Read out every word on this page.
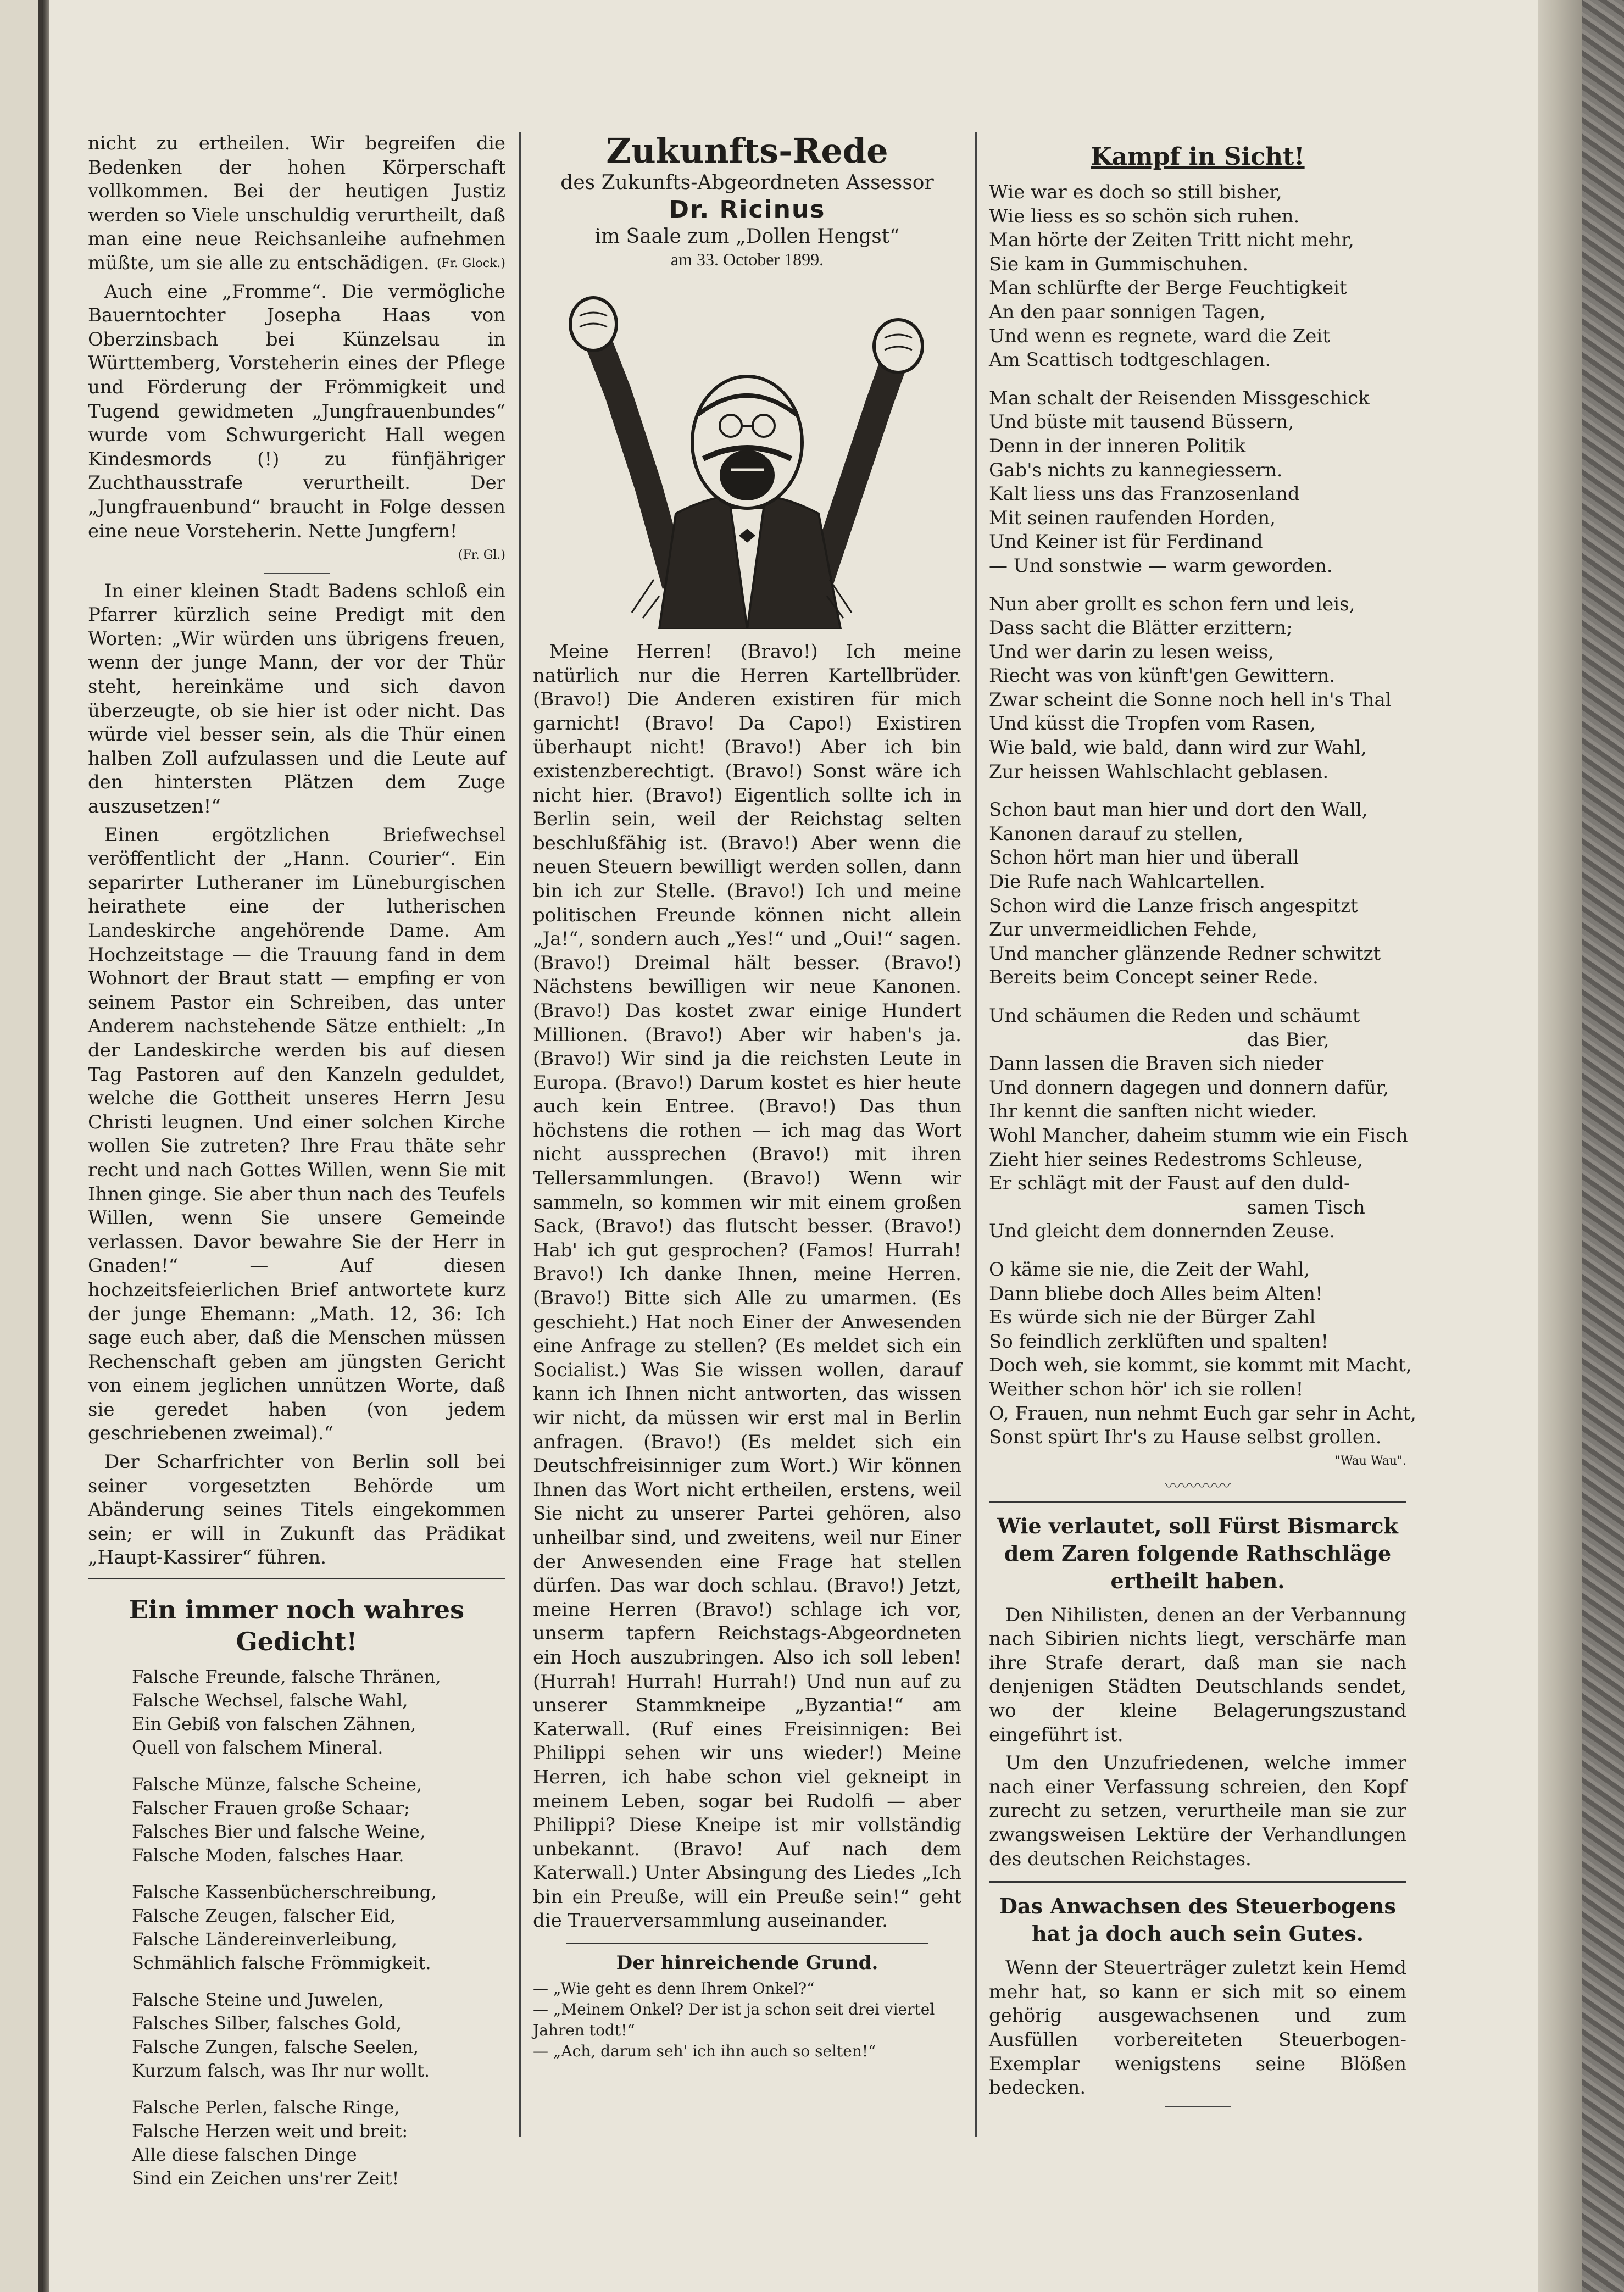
nicht zu ertheilen. Wir begreifen die Bedenken der hohen Körperschaft vollkommen. Bei der heutigen Justiz werden so Viele unschuldig verurtheilt, daß man eine neue Reichsanleihe aufnehmen müßte, um sie alle zu entschädigen. (Fr. Glock.)

Auch eine „Fromme“. Die vermögliche Bauerntochter Josepha Haas von Oberzinsbach bei Künzelsau in Württemberg, Vorsteherin eines der Pflege und Förderung der Frömmigkeit und Tugend gewidmeten „Jungfrauenbundes“ wurde vom Schwurgericht Hall wegen Kindesmords (!) zu fünfjähriger Zuchthausstrafe verurtheilt. Der „Jungfrauenbund“ braucht in Folge dessen eine neue Vorsteherin. Nette Jungfern!
(Fr. Gl.)

In einer kleinen Stadt Badens schloß ein Pfarrer kürzlich seine Predigt mit den Worten: „Wir würden uns übrigens freuen, wenn der junge Mann, der vor der Thür steht, hereinkäme und sich davon überzeugte, ob sie hier ist oder nicht. Das würde viel besser sein, als die Thür einen halben Zoll aufzulassen und die Leute auf den hintersten Plätzen dem Zuge auszusetzen!“

Einen ergötzlichen Briefwechsel veröffentlicht der „Hann. Courier“. Ein separirter Lutheraner im Lüneburgischen heirathete eine der lutherischen Landeskirche angehörende Dame. Am Hochzeitstage — die Trauung fand in dem Wohnort der Braut statt — empfing er von seinem Pastor ein Schreiben, das unter Anderem nachstehende Sätze enthielt: „In der Landeskirche werden bis auf diesen Tag Pastoren auf den Kanzeln geduldet, welche die Gottheit unseres Herrn Jesu Christi leugnen. Und einer solchen Kirche wollen Sie zutreten? Ihre Frau thäte sehr recht und nach Gottes Willen, wenn Sie mit Ihnen ginge. Sie aber thun nach des Teufels Willen, wenn Sie unsere Gemeinde verlassen. Davor bewahre Sie der Herr in Gnaden!“ — Auf diesen hochzeitsfeierlichen Brief antwortete kurz der junge Ehemann: „Math. 12, 36: Ich sage euch aber, daß die Menschen müssen Rechenschaft geben am jüngsten Gericht von einem jeglichen unnützen Worte, daß sie geredet haben (von jedem geschriebenen zweimal).“

Der Scharfrichter von Berlin soll bei seiner vorgesetzten Behörde um Abänderung seines Titels eingekommen sein; er will in Zukunft das Prädikat „Haupt-Kassirer“ führen.

Ein immer noch wahres Gedicht!
Falsche Freunde, falsche Thränen,
Falsche Wechsel, falsche Wahl,
Ein Gebiß von falschen Zähnen,
Quell von falschem Mineral.
Falsche Münze, falsche Scheine,
Falscher Frauen große Schaar;
Falsches Bier und falsche Weine,
Falsche Moden, falsches Haar.
Falsche Kassenbücherschreibung,
Falsche Zeugen, falscher Eid,
Falsche Ländereinverleibung,
Schmählich falsche Frömmigkeit.
Falsche Steine und Juwelen,
Falsches Silber, falsches Gold,
Falsche Zungen, falsche Seelen,
Kurzum falsch, was Ihr nur wollt.
Falsche Perlen, falsche Ringe,
Falsche Herzen weit und breit:
Alle diese falschen Dinge
Sind ein Zeichen uns'rer Zeit!
Zukunfts-Rede
des Zukunfts-Abgeordneten Assessor
Dr. Ricinus
im Saale zum „Dollen Hengst“
am 33. October 1899.
Meine Herren! (Bravo!) Ich meine natürlich nur die Herren Kartellbrüder. (Bravo!) Die Anderen existiren für mich garnicht! (Bravo! Da Capo!) Existiren überhaupt nicht! (Bravo!) Aber ich bin existenzberechtigt. (Bravo!) Sonst wäre ich nicht hier. (Bravo!) Eigentlich sollte ich in Berlin sein, weil der Reichstag selten beschlußfähig ist. (Bravo!) Aber wenn die neuen Steuern bewilligt werden sollen, dann bin ich zur Stelle. (Bravo!) Ich und meine politischen Freunde können nicht allein „Ja!“, sondern auch „Yes!“ und „Oui!“ sagen. (Bravo!) Dreimal hält besser. (Bravo!) Nächstens bewilligen wir neue Kanonen. (Bravo!) Das kostet zwar einige Hundert Millionen. (Bravo!) Aber wir haben's ja. (Bravo!) Wir sind ja die reichsten Leute in Europa. (Bravo!) Darum kostet es hier heute auch kein Entree. (Bravo!) Das thun höchstens die rothen — ich mag das Wort nicht aussprechen (Bravo!) mit ihren Tellersammlungen. (Bravo!) Wenn wir sammeln, so kommen wir mit einem großen Sack, (Bravo!) das flutscht besser. (Bravo!) Hab' ich gut gesprochen? (Famos! Hurrah! Bravo!) Ich danke Ihnen, meine Herren. (Bravo!) Bitte sich Alle zu umarmen. (Es geschieht.) Hat noch Einer der Anwesenden eine Anfrage zu stellen? (Es meldet sich ein Socialist.) Was Sie wissen wollen, darauf kann ich Ihnen nicht antworten, das wissen wir nicht, da müssen wir erst mal in Berlin anfragen. (Bravo!) (Es meldet sich ein Deutschfreisinniger zum Wort.) Wir können Ihnen das Wort nicht ertheilen, erstens, weil Sie nicht zu unserer Partei gehören, also unheilbar sind, und zweitens, weil nur Einer der Anwesenden eine Frage hat stellen dürfen. Das war doch schlau. (Bravo!) Jetzt, meine Herren (Bravo!) schlage ich vor, unserm tapfern Reichstags-Abgeordneten ein Hoch auszubringen. Also ich soll leben! (Hurrah! Hurrah! Hurrah!) Und nun auf zu unserer Stammkneipe „Byzantia!“ am Katerwall. (Ruf eines Freisinnigen: Bei Philippi sehen wir uns wieder!) Meine Herren, ich habe schon viel gekneipt in meinem Leben, sogar bei Rudolfi — aber Philippi? Diese Kneipe ist mir vollständig unbekannt. (Bravo! Auf nach dem Katerwall.) Unter Absingung des Liedes „Ich bin ein Preuße, will ein Preuße sein!“ geht die Trauerversammlung auseinander.
Der hinreichende Grund.

— „Wie geht es denn Ihrem Onkel?“

— „Meinem Onkel? Der ist ja schon seit drei viertel Jahren todt!“

— „Ach, darum seh' ich ihn auch so selten!“

Kampf in Sicht!
Wie war es doch so still bisher,
Wie liess es so schön sich ruhen.
Man hörte der Zeiten Tritt nicht mehr,
Sie kam in Gummischuhen.
Man schlürfte der Berge Feuchtigkeit
An den paar sonnigen Tagen,
Und wenn es regnete, ward die Zeit
Am Scattisch todtgeschlagen.
Man schalt der Reisenden Missgeschick
Und büste mit tausend Büssern,
Denn in der inneren Politik
Gab's nichts zu kannegiessern.
Kalt liess uns das Franzosenland
Mit seinen raufenden Horden,
Und Keiner ist für Ferdinand
— Und sonstwie — warm geworden.
Nun aber grollt es schon fern und leis,
Dass sacht die Blätter erzittern;
Und wer darin zu lesen weiss,
Riecht was von künft'gen Gewittern.
Zwar scheint die Sonne noch hell in's Thal
Und küsst die Tropfen vom Rasen,
Wie bald, wie bald, dann wird zur Wahl,
Zur heissen Wahlschlacht geblasen.
Schon baut man hier und dort den Wall,
Kanonen darauf zu stellen,
Schon hört man hier und überall
Die Rufe nach Wahlcartellen.
Schon wird die Lanze frisch angespitzt
Zur unvermeidlichen Fehde,
Und mancher glänzende Redner schwitzt
Bereits beim Concept seiner Rede.
Und schäumen die Reden und schäumt
das Bier,
Dann lassen die Braven sich nieder
Und donnern dagegen und donnern dafür,
Ihr kennt die sanften nicht wieder.
Wohl Mancher, daheim stumm wie ein Fisch
Zieht hier seines Redestroms Schleuse,
Er schlägt mit der Faust auf den duld-
samen Tisch
Und gleicht dem donnernden Zeuse.
O käme sie nie, die Zeit der Wahl,
Dann bliebe doch Alles beim Alten!
Es würde sich nie der Bürger Zahl
So feindlich zerklüften und spalten!
Doch weh, sie kommt, sie kommt mit Macht,
Weither schon hör' ich sie rollen!
O, Frauen, nun nehmt Euch gar sehr in Acht,
Sonst spürt Ihr's zu Hause selbst grollen.
"Wau Wau".
〰〰〰〰
Wie verlautet, soll Fürst Bismarck dem Zaren folgende Rathschläge ertheilt haben.

Den Nihilisten, denen an der Verbannung nach Sibirien nichts liegt, verschärfe man ihre Strafe derart, daß man sie nach denjenigen Städten Deutschlands sendet, wo der kleine Belagerungszustand eingeführt ist.

Um den Unzufriedenen, welche immer nach einer Verfassung schreien, den Kopf zurecht zu setzen, verurtheile man sie zur zwangsweisen Lektüre der Verhandlungen des deutschen Reichstages.

Das Anwachsen des Steuerbogens hat ja doch auch sein Gutes.

Wenn der Steuerträger zuletzt kein Hemd mehr hat, so kann er sich mit so einem gehörig ausgewachsenen und zum Ausfüllen vorbereiteten Steuerbogen-Exemplar wenigstens seine Blößen bedecken.
